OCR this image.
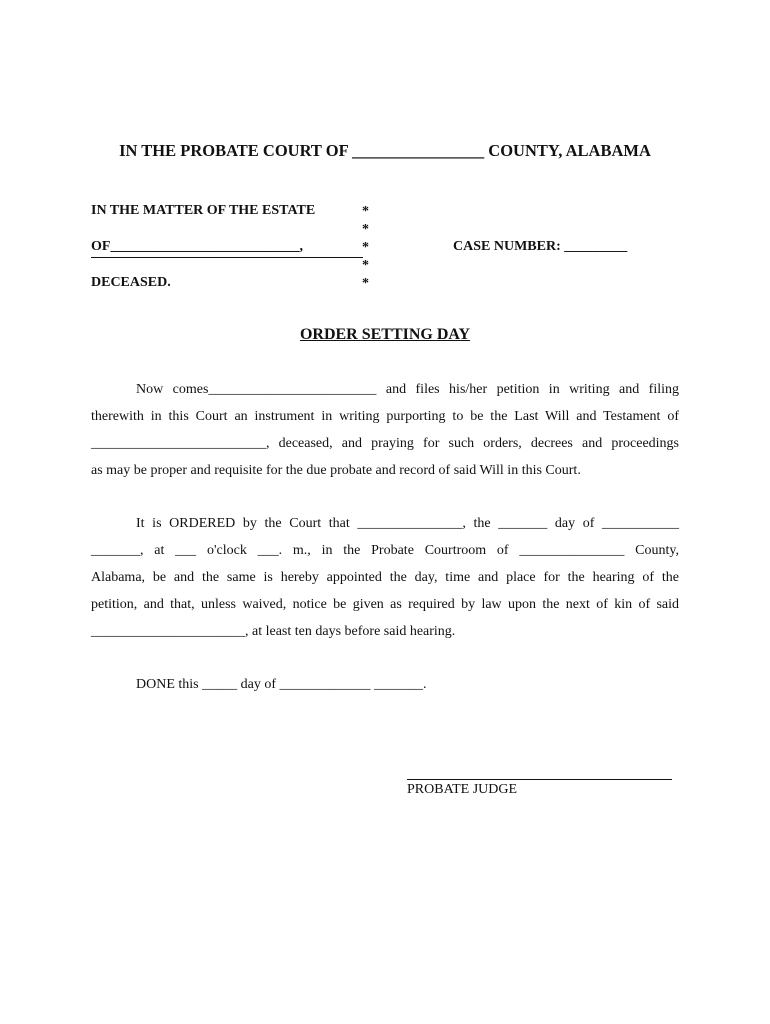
IN THE PROBATE COURT OF ________________ COUNTY, ALABAMA
IN THE MATTER OF THE ESTATE
OF___________________________,
DECEASED.
*
*
*
*
*
CASE NUMBER: _________
ORDER SETTING DAY
Now comes________________________ and files his/her petition in writing and filing
therewith in this Court an instrument in writing purporting to be the Last Will and Testament of
_________________________, deceased, and praying for such orders, decrees and proceedings
as may be proper and requisite for the due probate and record of said Will in this Court.
It is ORDERED by the Court that _______________, the _______ day of ___________
_______, at ___ o'clock ___. m., in the Probate Courtroom of _______________ County,
Alabama, be and the same is hereby appointed the day, time and place for the hearing of the
petition, and that, unless waived, notice be given as required by law upon the next of kin of said
______________________, at least ten days before said hearing.
DONE this _____ day of _____________ _______.
PROBATE JUDGE
